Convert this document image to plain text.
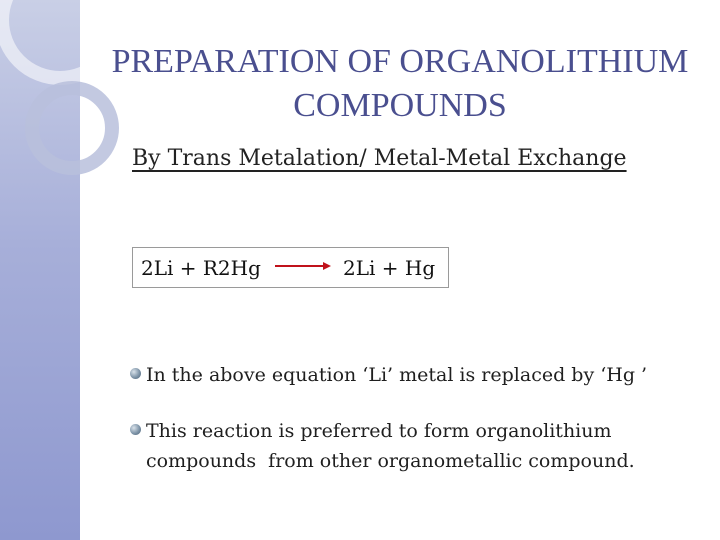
PREPARATION OF ORGANOLITHIUM
COMPOUNDS
By Trans Metalation/ Metal-Metal Exchange
2Li + R2Hg → 2Li + Hg
In the above equation ‘Li’ metal is replaced by ‘Hg ’
This reaction is preferred to form organolithium
compounds  from other organometallic compound.
